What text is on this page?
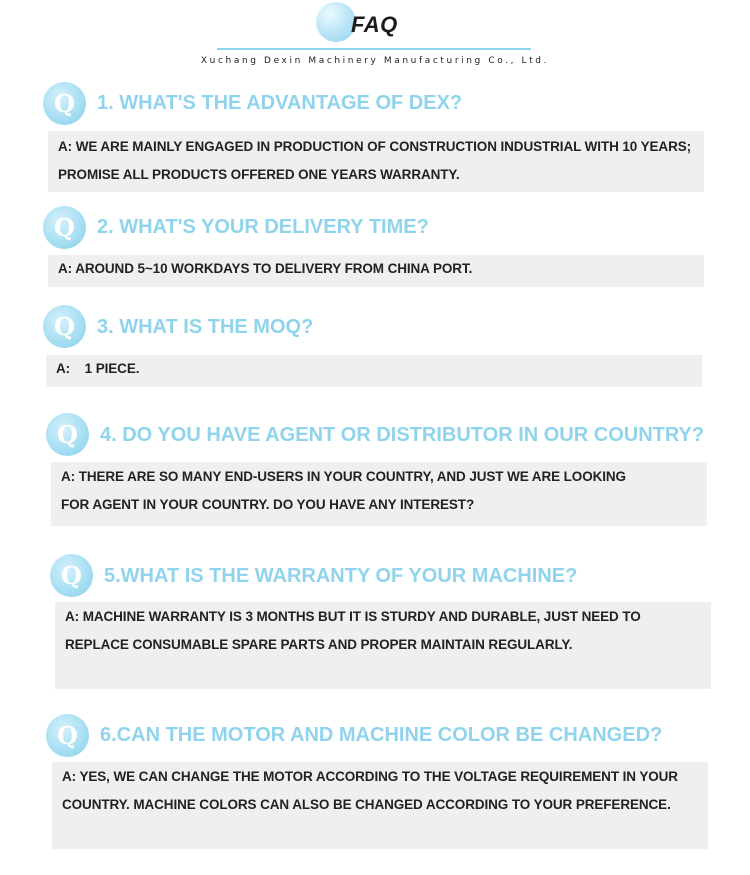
FAQ
Xuchang Dexin Machinery Manufacturing Co., Ltd.
Q	1. WHAT'S THE ADVANTAGE OF DEX?
A: WE ARE MAINLY ENGAGED IN PRODUCTION OF CONSTRUCTION INDUSTRIAL WITH 10 YEARS; PROMISE ALL PRODUCTS OFFERED ONE YEARS WARRANTY.
Q	2. WHAT'S YOUR DELIVERY TIME?
A: AROUND 5~10 WORKDAYS TO DELIVERY FROM CHINA PORT.
Q	3. WHAT IS THE MOQ?
A:    1 PIECE.
Q	4. DO YOU HAVE AGENT OR DISTRIBUTOR IN OUR COUNTRY?
A: THERE ARE SO MANY END-USERS IN YOUR COUNTRY, AND JUST WE ARE LOOKING FOR AGENT IN YOUR COUNTRY. DO YOU HAVE ANY INTEREST?
Q	5.WHAT IS THE WARRANTY OF YOUR MACHINE?
A: MACHINE WARRANTY IS 3 MONTHS BUT IT IS STURDY AND DURABLE, JUST NEED TO REPLACE CONSUMABLE SPARE PARTS AND PROPER MAINTAIN REGULARLY.
Q	6.CAN THE MOTOR AND MACHINE COLOR BE CHANGED?
A: YES, WE CAN CHANGE THE MOTOR ACCORDING TO THE VOLTAGE REQUIREMENT IN YOUR COUNTRY. MACHINE COLORS CAN ALSO BE CHANGED ACCORDING TO YOUR PREFERENCE.
